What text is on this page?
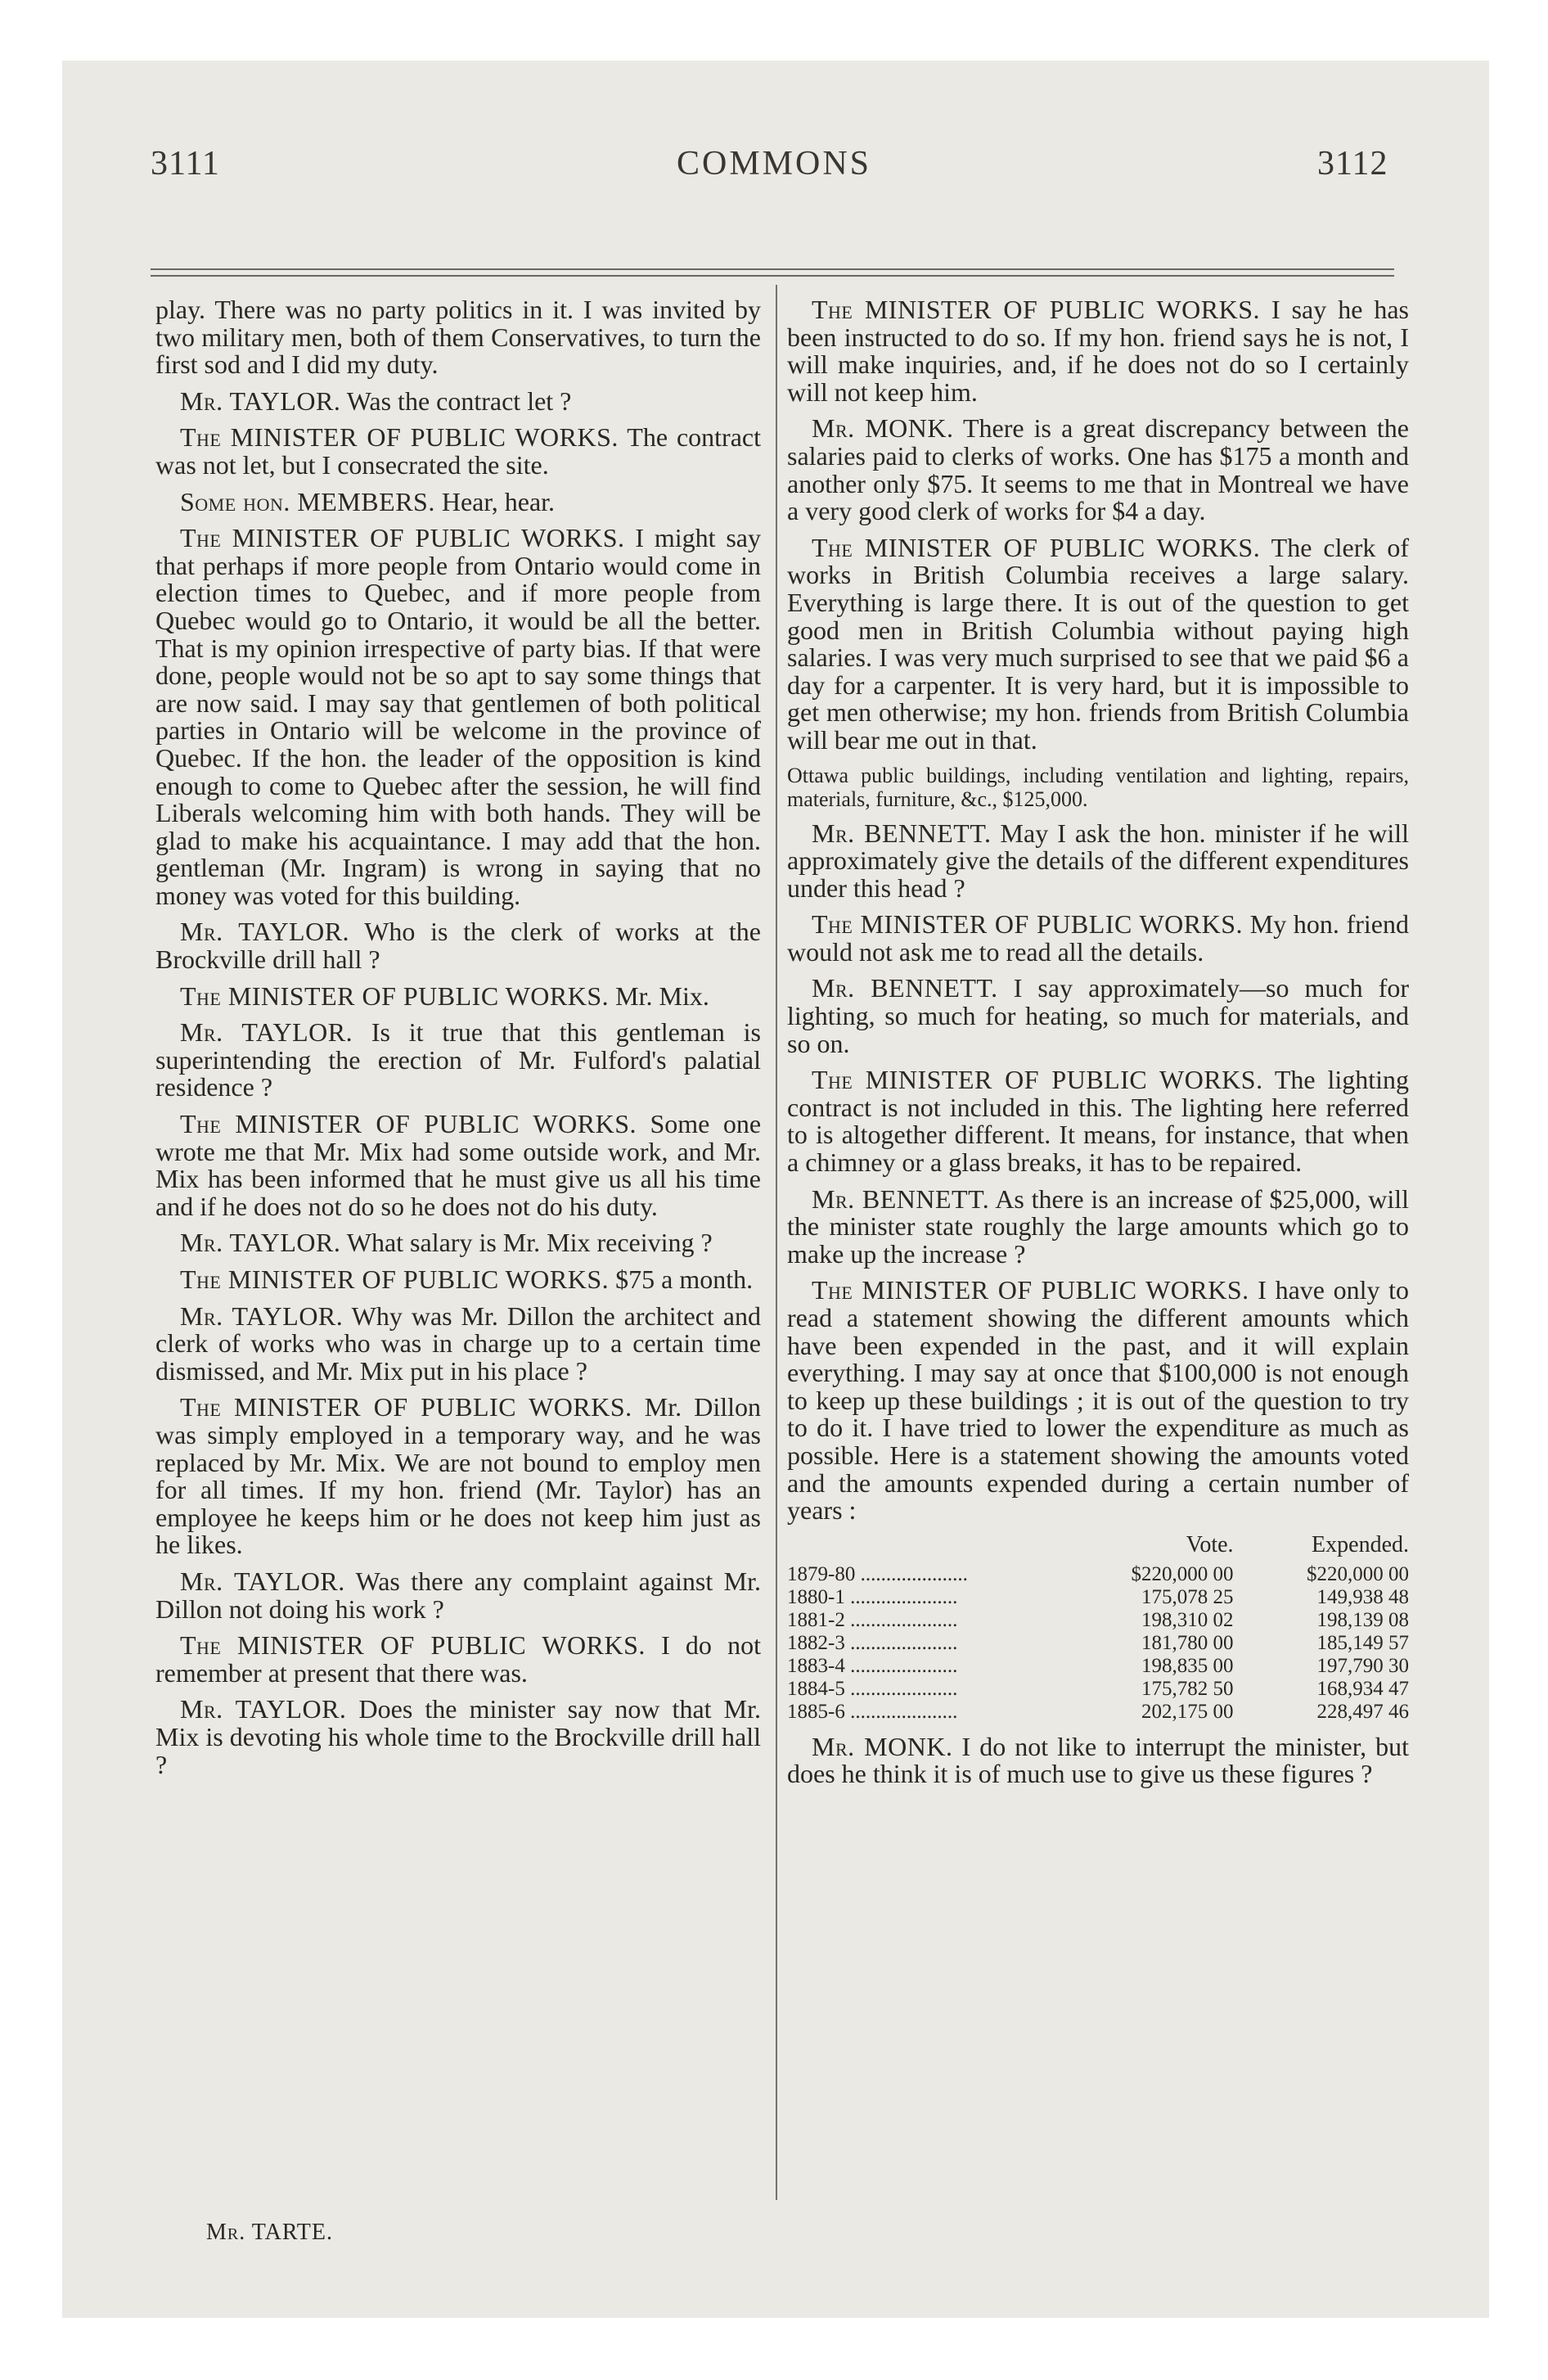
3111	COMMONS	3112

play. There was no party politics in it. I was invited by two military men, both of them Conservatives, to turn the first sod and I did my duty.

Mr. TAYLOR. Was the contract let ?

The MINISTER OF PUBLIC WORKS. The contract was not let, but I consecrated the site.

Some hon. MEMBERS. Hear, hear.

The MINISTER OF PUBLIC WORKS. I might say that perhaps if more people from Ontario would come in election times to Quebec, and if more people from Quebec would go to Ontario, it would be all the better. That is my opinion irrespective of party bias. If that were done, people would not be so apt to say some things that are now said. I may say that gentlemen of both political parties in Ontario will be welcome in the province of Quebec. If the hon. the leader of the opposition is kind enough to come to Quebec after the session, he will find Liberals welcoming him with both hands. They will be glad to make his acquaintance. I may add that the hon. gentleman (Mr. Ingram) is wrong in saying that no money was voted for this building.

Mr. TAYLOR. Who is the clerk of works at the Brockville drill hall ?

The MINISTER OF PUBLIC WORKS. Mr. Mix.

Mr. TAYLOR. Is it true that this gentleman is superintending the erection of Mr. Fulford's palatial residence ?

The MINISTER OF PUBLIC WORKS. Some one wrote me that Mr. Mix had some outside work, and Mr. Mix has been informed that he must give us all his time and if he does not do so he does not do his duty.

Mr. TAYLOR. What salary is Mr. Mix receiving ?

The MINISTER OF PUBLIC WORKS. $75 a month.

Mr. TAYLOR. Why was Mr. Dillon the architect and clerk of works who was in charge up to a certain time dismissed, and Mr. Mix put in his place ?

The MINISTER OF PUBLIC WORKS. Mr. Dillon was simply employed in a temporary way, and he was replaced by Mr. Mix. We are not bound to employ men for all times. If my hon. friend (Mr. Taylor) has an employee he keeps him or he does not keep him just as he likes.

Mr. TAYLOR. Was there any complaint against Mr. Dillon not doing his work ?

The MINISTER OF PUBLIC WORKS. I do not remember at present that there was.

Mr. TAYLOR. Does the minister say now that Mr. Mix is devoting his whole time to the Brockville drill hall ?

The MINISTER OF PUBLIC WORKS. I say he has been instructed to do so. If my hon. friend says he is not, I will make inquiries, and, if he does not do so I certainly will not keep him.

Mr. MONK. There is a great discrepancy between the salaries paid to clerks of works. One has $175 a month and another only $75. It seems to me that in Montreal we have a very good clerk of works for $4 a day.

The MINISTER OF PUBLIC WORKS. The clerk of works in British Columbia receives a large salary. Everything is large there. It is out of the question to get good men in British Columbia without paying high salaries. I was very much surprised to see that we paid $6 a day for a carpenter. It is very hard, but it is impossible to get men otherwise; my hon. friends from British Columbia will bear me out in that.

Ottawa public buildings, including ventilation and lighting, repairs, materials, furniture, &c., $125,000.

Mr. BENNETT. May I ask the hon. minister if he will approximately give the details of the different expenditures under this head ?

The MINISTER OF PUBLIC WORKS. My hon. friend would not ask me to read all the details.

Mr. BENNETT. I say approximately—so much for lighting, so much for heating, so much for materials, and so on.

The MINISTER OF PUBLIC WORKS. The lighting contract is not included in this. The lighting here referred to is altogether different. It means, for instance, that when a chimney or a glass breaks, it has to be repaired.

Mr. BENNETT. As there is an increase of $25,000, will the minister state roughly the large amounts which go to make up the increase ?

The MINISTER OF PUBLIC WORKS. I have only to read a statement showing the different amounts which have been expended in the past, and it will explain everything. I may say at once that $100,000 is not enough to keep up these buildings ; it is out of the question to try to do it. I have tried to lower the expenditure as much as possible. Here is a statement showing the amounts voted and the amounts expended during a certain number of years :

	Vote.	Expended.
1879-80 .....................	$220,000 00	$220,000 00
1880-1 .....................	175,078 25	149,938 48
1881-2 .....................	198,310 02	198,139 08
1882-3 .....................	181,780 00	185,149 57
1883-4 .....................	198,835 00	197,790 30
1884-5 .....................	175,782 50	168,934 47
1885-6 .....................	202,175 00	228,497 46

Mr. MONK. I do not like to interrupt the minister, but does he think it is of much use to give us these figures ?

Mr. TARTE.
